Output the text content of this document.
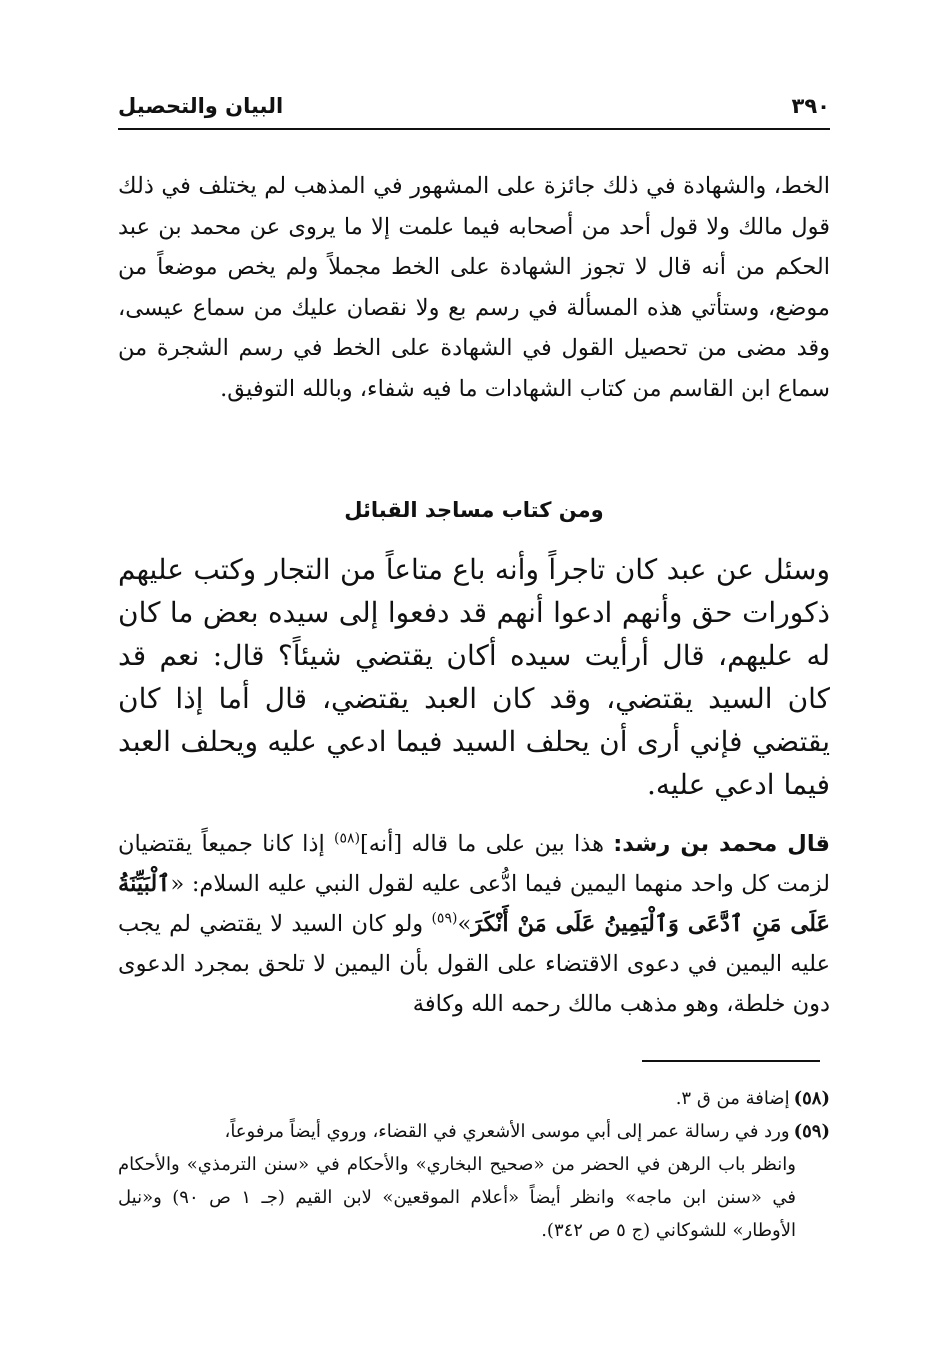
٣٩٠
البيان والتحصيل

الخط، والشهادة في ذلك جائزة على المشهور في المذهب لم يختلف في ذلك قول مالك ولا قول أحد من أصحابه فيما علمت إلا ما يروى عن محمد بن عبد الحكم من أنه قال لا تجوز الشهادة على الخط مجملاً ولم يخص موضعاً من موضع، وستأتي هذه المسألة في رسم بع ولا نقصان عليك من سماع عيسى، وقد مضى من تحصيل القول في الشهادة على الخط في رسم الشجرة من سماع ابن القاسم من كتاب الشهادات ما فيه شفاء، وبالله التوفيق.

ومن كتاب مساجد القبائل

وسئل عن عبد كان تاجراً وأنه باع متاعاً من التجار وكتب عليهم ذكورات حق وأنهم ادعوا أنهم قد دفعوا إلى سيده بعض ما كان له عليهم، قال أرأيت سيده أكان يقتضي شيئاً؟ قال: نعم قد كان السيد يقتضي، وقد كان العبد يقتضي، قال أما إذا كان يقتضي فإني أرى أن يحلف السيد فيما ادعي عليه ويحلف العبد فيما ادعي عليه.

قال محمد بن رشد: هذا بين على ما قاله [أنه]$^{(٥٨)}$ إذا كانا جميعاً يقتضيان لزمت كل واحد منهما اليمين فيما ادُّعى عليه لقول النبي عليه السلام: «ٱلْبَيِّنَةُ عَلَى مَنِ ٱدَّعَى وَٱلْيَمِينُ عَلَى مَنْ أَنْكَرَ»$^{(٥٩)}$ ولو كان السيد لا يقتضي لم يجب عليه اليمين في دعوى الاقتضاء على القول بأن اليمين لا تلحق بمجرد الدعوى دون خلطة، وهو مذهب مالك رحمه الله وكافة

(٥٨)إضافة من ق ٣.

(٥٩)ورد في رسالة عمر إلى أبي موسى الأشعري في القضاء، وروي أيضاً مرفوعاً،
وانظر باب الرهن في الحضر من «صحيح البخاري» والأحكام في «سنن الترمذي» والأحكام في «سنن ابن ماجه» وانظر أيضاً «أعلام الموقعين» لابن القيم (جـ ١ ص ٩٠) و«نيل الأوطار» للشوكاني (ج ٥ ص ٣٤٢).
